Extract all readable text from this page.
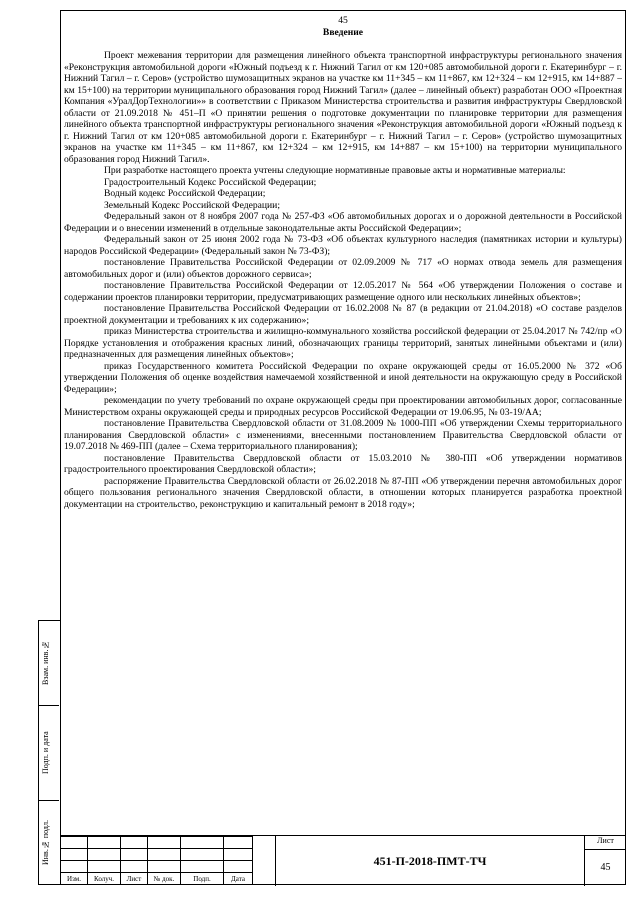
45

Введение

Проект межевания территории для размещения линейного объекта транспортной инфраструктуры регионального значения «Реконструкция автомобильной дороги «Южный подъезд к г. Нижний Тагил от км 120+085 автомобильной дороги г. Екатеринбург – г. Нижний Тагил – г. Серов» (устройство шумозащитных экранов на участке км 11+345 – км 11+867, км 12+324 – км 12+915, км 14+887 – км 15+100) на территории муниципального образования город Нижний Тагил» (далее – линейный объект) разработан ООО «Проектная Компания «УралДорТехнологии»» в соответствии с Приказом Министерства строительства и развития инфраструктуры Свердловской области от 21.09.2018 № 451–П «О принятии решения о подготовке документации по планировке территории для размещения линейного объекта транспортной инфраструктуры регионального значения «Реконструкция автомобильной дороги «Южный подъезд к г. Нижний Тагил от км 120+085 автомобильной дороги г. Екатеринбург – г. Нижний Тагил – г. Серов» (устройство шумозащитных экранов на участке км 11+345 – км 11+867, км 12+324 – км 12+915, км 14+887 – км 15+100) на территории муниципального образования город Нижний Тагил».

При разработке настоящего проекта учтены следующие нормативные правовые акты и нормативные материалы:

Градостроительный Кодекс Российской Федерации;

Водный кодекс Российской Федерации;

Земельный Кодекс Российской Федерации;

Федеральный закон от 8 ноября 2007 года № 257-ФЗ «Об автомобильных дорогах и о дорожной деятельности в Российской Федерации и о внесении изменений в отдельные законодательные акты Российской Федерации»;

Федеральный закон от 25 июня 2002 года № 73-ФЗ «Об объектах культурного наследия (памятниках истории и культуры) народов Российской Федерации» (Федеральный закон № 73-ФЗ);

постановление Правительства Российской Федерации от 02.09.2009 № 717 «О нормах отвода земель для размещения автомобильных дорог и (или) объектов дорожного сервиса»;

постановление Правительства Российской Федерации от 12.05.2017 № 564 «Об утверждении Положения о составе и содержании проектов планировки территории, предусматривающих размещение одного или нескольких линейных объектов»;

постановление Правительства Российской Федерации от 16.02.2008 № 87 (в редакции от 21.04.2018) «О составе разделов проектной документации и требованиях к их содержанию»;

приказ Министерства строительства и жилищно-коммунального хозяйства российской федерации от 25.04.2017 № 742/пр «О Порядке установления и отображения красных линий, обозначающих границы территорий, занятых линейными объектами и (или) предназначенных для размещения линейных объектов»;

приказ Государственного комитета Российской Федерации по охране окружающей среды от 16.05.2000 № 372 «Об утверждении Положения об оценке воздействия намечаемой хозяйственной и иной деятельности на окружающую среду в Российской Федерации»;

рекомендации по учету требований по охране окружающей среды при проектировании автомобильных дорог, согласованные Министерством охраны окружающей среды и природных ресурсов Российской Федерации от 19.06.95, № 03-19/АА;

постановление Правительства Свердловской области от 31.08.2009 № 1000-ПП «Об утверждении Схемы территориального планирования Свердловской области» с изменениями, внесенными постановлением Правительства Свердловской области от 19.07.2018 № 469-ПП (далее – Схема территориального планирования);

постановление Правительства Свердловской области от 15.03.2010 № 380-ПП «Об утверждении нормативов градостроительного проектирования Свердловской области»;

распоряжение Правительства Свердловской области от 26.02.2018 № 87-ПП «Об утверждении перечня автомобильных дорог общего пользования регионального значения Свердловской области, в отношении которых планируется разработка проектной документации на строительство, реконструкцию и капитальный ремонт в 2018 году»;

Взам. инв.№
Подп. и дата
Инв.№ подл.

Изм.	Колуч.	Лист	№ док.	Подп.	Дата
451-П-2018-ПМТ-ТЧ
Лист
45
